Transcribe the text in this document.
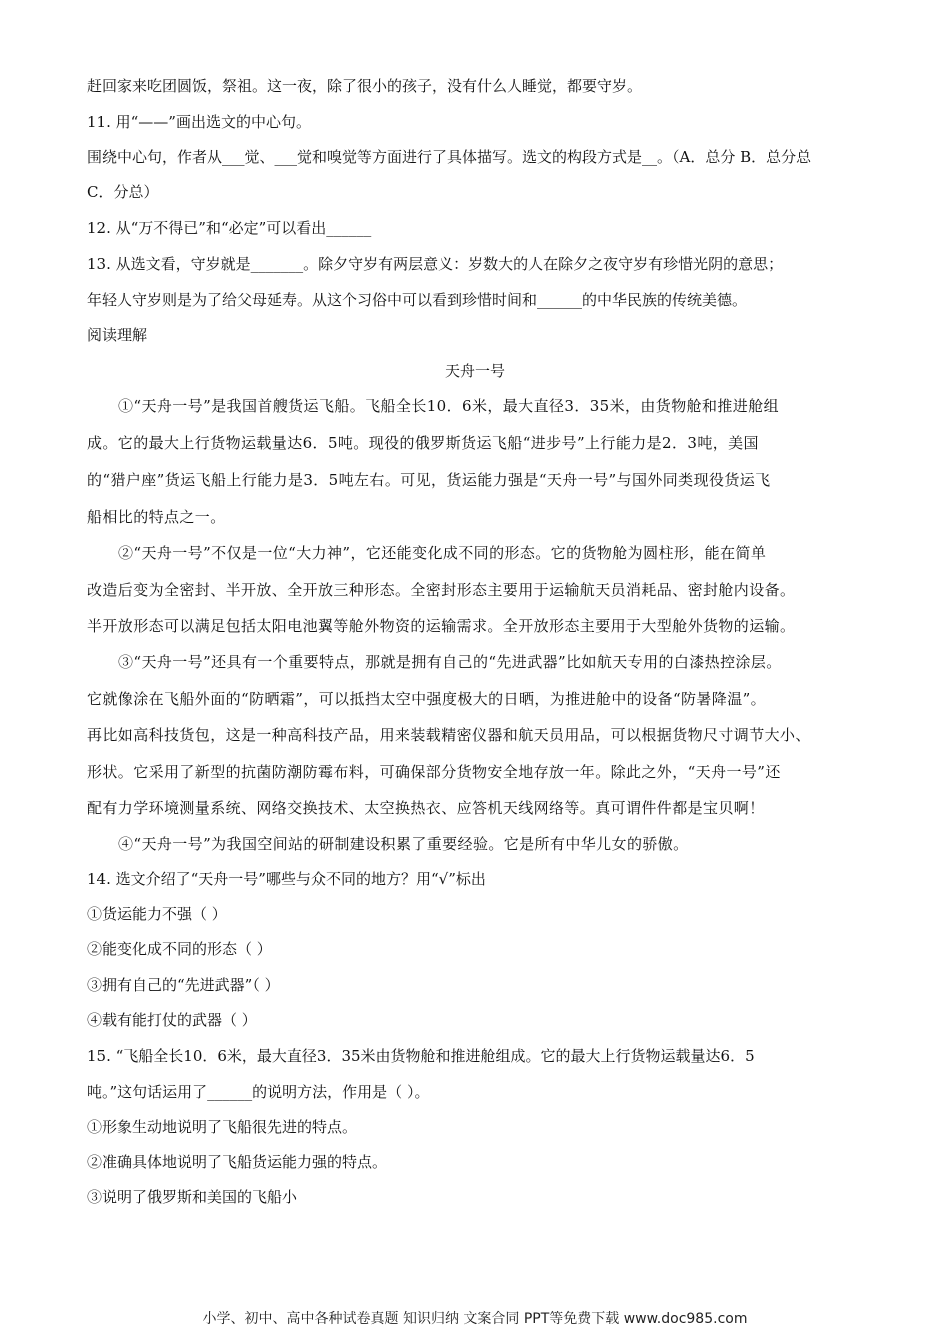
赶回家来吃团圆饭，祭祖。这一夜，除了很小的孩子，没有什么人睡觉，都要守岁。
11. 用“——”画出选文的中心句。
围绕中心句，作者从___觉、___觉和嗅觉等方面进行了具体描写。选文的构段方式是__。（A．总分 B．总分总
C．分总）
12. 从“万不得已”和“必定”可以看出______
13. 从选文看，守岁就是_______。除夕守岁有两层意义：岁数大的人在除夕之夜守岁有珍惜光阴的意思；
年轻人守岁则是为了给父母延寿。从这个习俗中可以看到珍惜时间和______的中华民族的传统美德。
阅读理解
天舟一号
①“天舟一号”是我国首艘货运飞船。飞船全长10．6米，最大直径3．35米，由货物舱和推进舱组
成。它的最大上行货物运载量达6．5吨。现役的俄罗斯货运飞船“进步号”上行能力是2．3吨，美国
的“猎户座”货运飞船上行能力是3．5吨左右。可见，货运能力强是“天舟一号”与国外同类现役货运飞
船相比的特点之一。
②“天舟一号”不仅是一位“大力神”，它还能变化成不同的形态。它的货物舱为圆柱形，能在简单
改造后变为全密封、半开放、全开放三种形态。全密封形态主要用于运输航天员消耗品、密封舱内设备。
半开放形态可以满足包括太阳电池翼等舱外物资的运输需求。全开放形态主要用于大型舱外货物的运输。
③“天舟一号”还具有一个重要特点，那就是拥有自己的“先进武器”比如航天专用的白漆热控涂层。
它就像涂在飞船外面的“防晒霜”，可以抵挡太空中强度极大的日晒，为推进舱中的设备“防暑降温”。
再比如高科技货包，这是一种高科技产品，用来装载精密仪器和航天员用品，可以根据货物尺寸调节大小、
形状。它采用了新型的抗菌防潮防霉布料，可确保部分货物安全地存放一年。除此之外，“天舟一号”还
配有力学环境测量系统、网络交换技术、太空换热衣、应答机天线网络等。真可谓件件都是宝贝啊！
④“天舟一号”为我国空间站的研制建设积累了重要经验。它是所有中华儿女的骄傲。
14. 选文介绍了“天舟一号”哪些与众不同的地方？用“√”标出
①货运能力不强（ ）
②能变化成不同的形态（ ）
③拥有自己的“先进武器”（ ）
④载有能打仗的武器（ ）
15. “飞船全长10．6米，最大直径3．35米由货物舱和推进舱组成。它的最大上行货物运载量达6．5
吨。”这句话运用了______的说明方法，作用是（ ）。
①形象生动地说明了飞船很先进的特点。
②准确具体地说明了飞船货运能力强的特点。
③说明了俄罗斯和美国的飞船小
小学、初中、高中各种试卷真题 知识归纳 文案合同 PPT等免费下载 www.doc985.com
